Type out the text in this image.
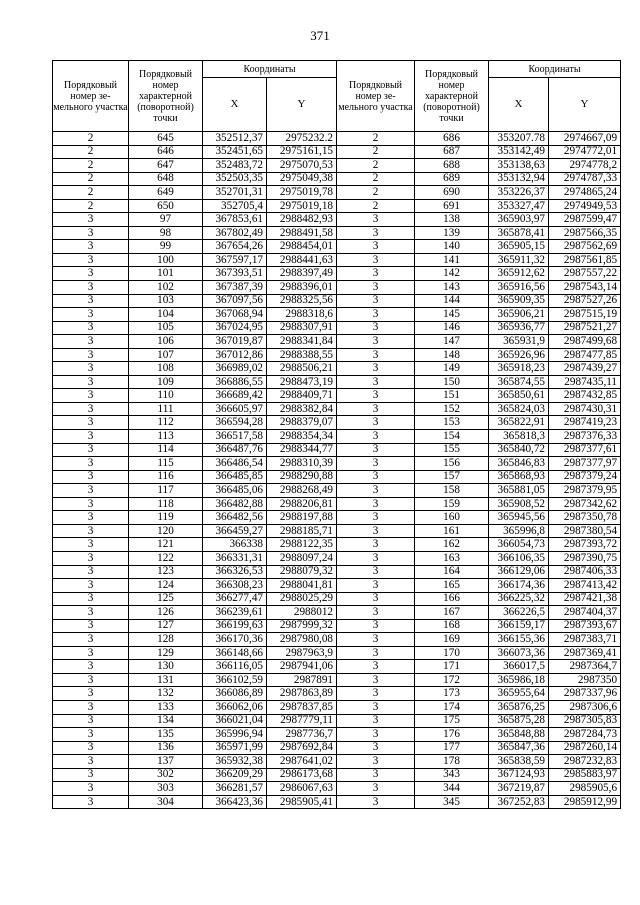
371
Порядковый номер зе-мельного участка	Порядковый номер характерной (поворотной) точки	Координаты		Порядковый номер зе-мельного участка	Порядковый номер характерной (поворотной) точки	Координаты	
		X	Y			X	Y
2	645	352512,37	2975232.2	2	686	353207.78	2974667,09
2	646	352451,65	2975161,15	2	687	353142,49	2974772,01
2	647	352483,72	2975070,53	2	688	353138,63	2974778,2
2	648	352503,35	2975049,38	2	689	353132,94	2974787,33
2	649	352701,31	2975019,78	2	690	353226,37	2974865,24
2	650	352705,4	2975019,18	2	691	353327,47	2974949,53
3	97	367853,61	2988482,93	3	138	365903,97	2987599,47
3	98	367802,49	2988491,58	3	139	365878,41	2987566,35
3	99	367654,26	2988454,01	3	140	365905,15	2987562,69
3	100	367597,17	2988441,63	3	141	365911,32	2987561,85
3	101	367393,51	2988397,49	3	142	365912,62	2987557,22
3	102	367387,39	2988396,01	3	143	365916,56	2987543,14
3	103	367097,56	2988325,56	3	144	365909,35	2987527,26
3	104	367068,94	2988318,6	3	145	365906,21	2987515,19
3	105	367024,95	2988307,91	3	146	365936,77	2987521,27
3	106	367019,87	2988341,84	3	147	365931,9	2987499,68
3	107	367012,86	2988388,55	3	148	365926,96	2987477,85
3	108	366989,02	2988506,21	3	149	365918,23	2987439,27
3	109	366886,55	2988473,19	3	150	365874,55	2987435,11
3	110	366689,42	2988409,71	3	151	365850,61	2987432,85
3	111	366605,97	2988382,84	3	152	365824,03	2987430,31
3	112	366594,28	2988379,07	3	153	365822,91	2987419,23
3	113	366517,58	2988354,34	3	154	365818,3	2987376,33
3	114	366487,76	2988344,77	3	155	365840,72	2987377,61
3	115	366486,54	2988310,39	3	156	365846,83	2987377,97
3	116	366485,85	2988290,88	3	157	365868,93	2987379,24
3	117	366485,06	2988268,49	3	158	365881,05	2987379,95
3	118	366482,88	2988206,81	3	159	365908,52	2987342,62
3	119	366482,56	2988197,88	3	160	365945,56	2987350,78
3	120	366459,27	2988185,71	3	161	365996,8	2987380,54
3	121	366338	2988122,35	3	162	366054,73	2987393,72
3	122	366331,31	2988097,24	3	163	366106,35	2987390,75
3	123	366326,53	2988079,32	3	164	366129,06	2987406,33
3	124	366308,23	2988041,81	3	165	366174,36	2987413,42
3	125	366277,47	2988025,29	3	166	366225,32	2987421,38
3	126	366239,61	2988012	3	167	366226,5	2987404,37
3	127	366199,63	2987999,32	3	168	366159,17	2987393,67
3	128	366170,36	2987980,08	3	169	366155,36	2987383,71
3	129	366148,66	2987963,9	3	170	366073,36	2987369,41
3	130	366116,05	2987941,06	3	171	366017,5	2987364,7
3	131	366102,59	2987891	3	172	365986,18	2987350
3	132	366086,89	2987863,89	3	173	365955,64	2987337,96
3	133	366062,06	2987837,85	3	174	365876,25	2987306,6
3	134	366021,04	2987779,11	3	175	365875,28	2987305,83
3	135	365996,94	2987736,7	3	176	365848,88	2987284,73
3	136	365971,99	2987692,84	3	177	365847,36	2987260,14
3	137	365932,38	2987641,02	3	178	365838,59	2987232,83
3	302	366209,29	2986173,68	3	343	367124,93	2985883,97
3	303	366281,57	2986067,63	3	344	367219,87	2985905,6
3	304	366423,36	2985905,41	3	345	367252,83	2985912,99
